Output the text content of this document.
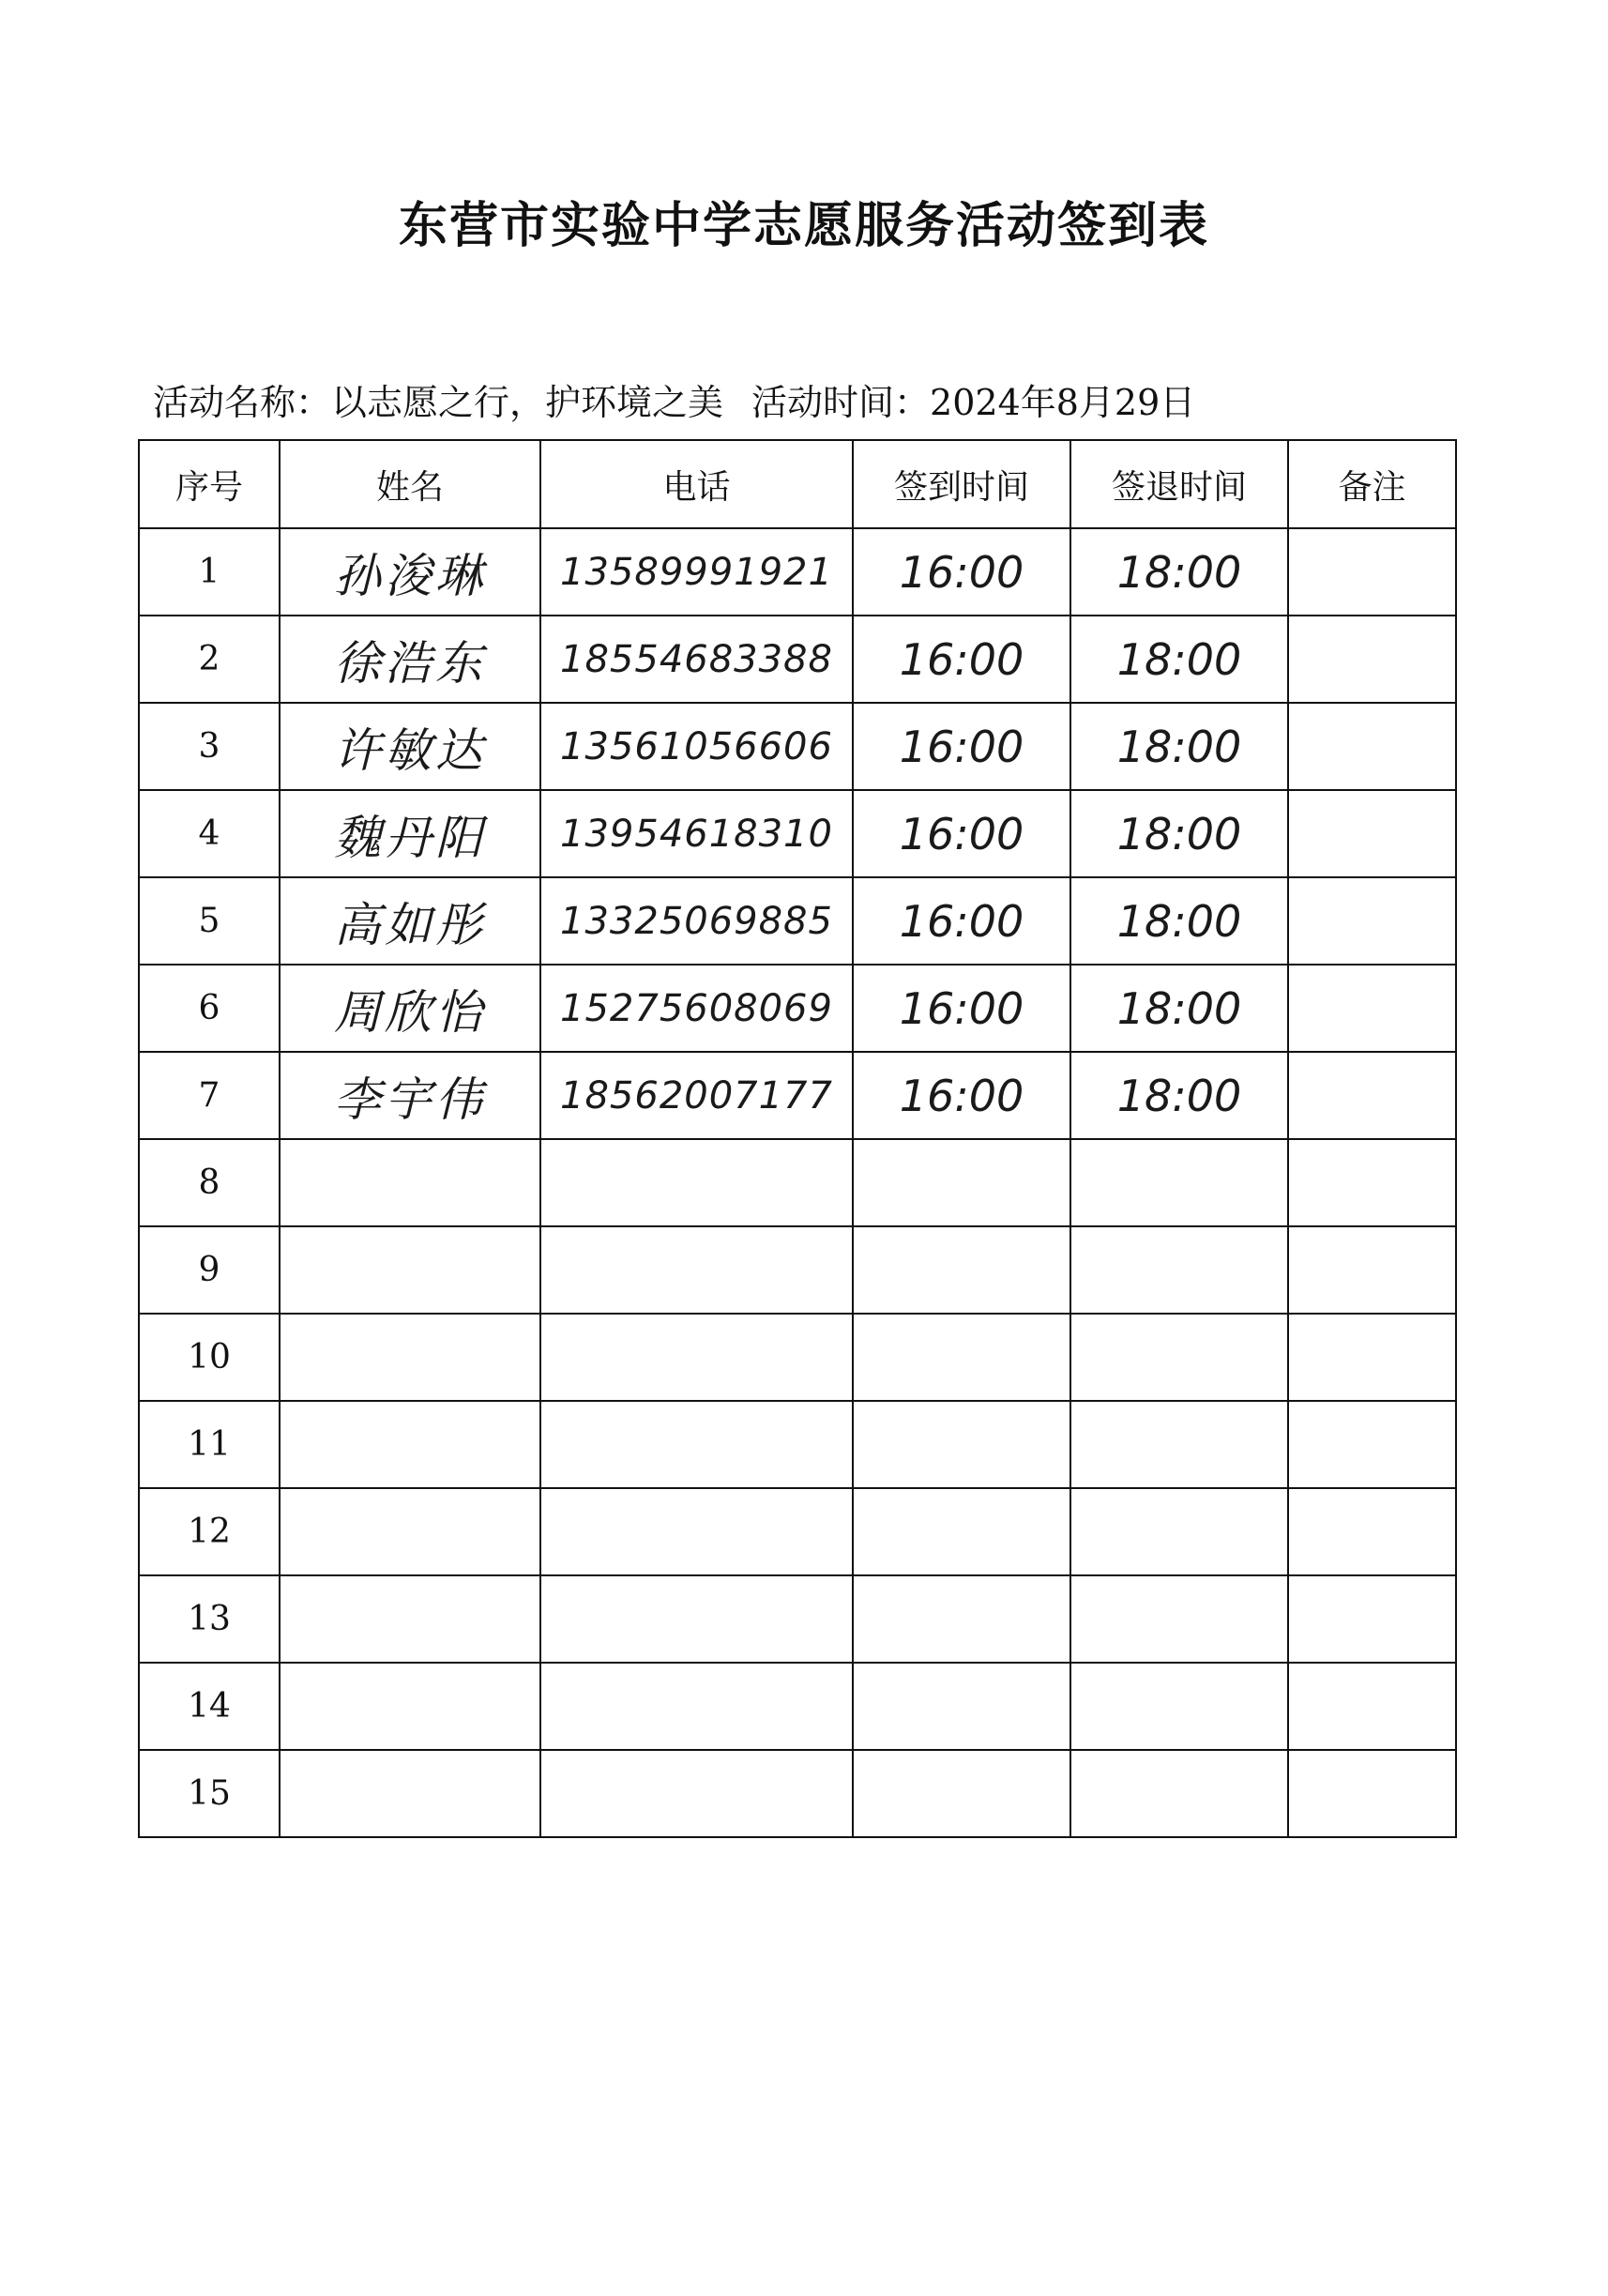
东营市实验中学志愿服务活动签到表
活动名称：以志愿之行，护环境之美 活动时间：2024年8月29日
序号	姓名	电话	签到时间	签退时间	备注
1	孙浚琳	13589991921	16:00	18:00	
2	徐浩东	18554683388	16:00	18:00	
3	许敏达	13561056606	16:00	18:00	
4	魏丹阳	13954618310	16:00	18:00	
5	高如彤	13325069885	16:00	18:00	
6	周欣怡	15275608069	16:00	18:00	
7	李宇伟	18562007177	16:00	18:00	
8					
9					
10					
11					
12					
13					
14					
15					
